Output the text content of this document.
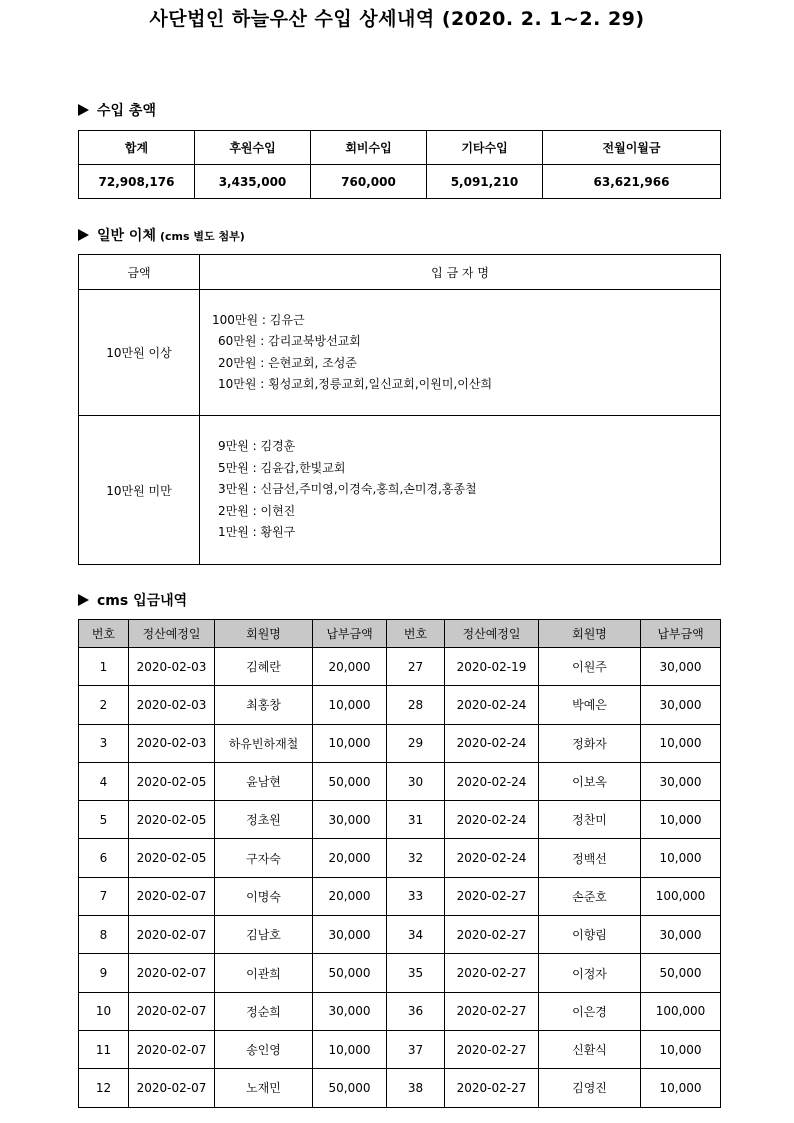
사단법인 하늘우산 수입 상세내역 (2020. 2. 1~2. 29)
수입 총액
합계	후원수입	회비수입	기타수입	전월이월금
72,908,176	3,435,000	760,000	5,091,210	63,621,966
일반 이체 (cms 별도 첨부)
금액	입 금 자 명
10만원 이상	100만원 : 김유근
60만원 : 감리교북방선교회
20만원 : 은현교회, 조성준
10만원 : 횡성교회,정릉교회,일신교회,이원미,이산희

10만원 미만	9만원 : 김경훈
5만원 : 김윤갑,한빛교회
3만원 : 신금선,주미영,이경숙,홍희,손미경,홍종철
2만원 : 이현진
1만원 : 황원구
cms 입금내역
번호	정산예정일	회원명	납부금액	번호	정산예정일	회원명	납부금액
1	2020-02-03	김혜란	20,000	27	2020-02-19	이원주	30,000
2	2020-02-03	최홍창	10,000	28	2020-02-24	박예은	30,000
3	2020-02-03	하유빈하재철	10,000	29	2020-02-24	정화자	10,000
4	2020-02-05	윤남현	50,000	30	2020-02-24	이보옥	30,000
5	2020-02-05	정초원	30,000	31	2020-02-24	정찬미	10,000
6	2020-02-05	구자숙	20,000	32	2020-02-24	정백선	10,000
7	2020-02-07	이명숙	20,000	33	2020-02-27	손준호	100,000
8	2020-02-07	김남호	30,000	34	2020-02-27	이향림	30,000
9	2020-02-07	이관희	50,000	35	2020-02-27	이정자	50,000
10	2020-02-07	정순희	30,000	36	2020-02-27	이은경	100,000
11	2020-02-07	송인영	10,000	37	2020-02-27	신환식	10,000
12	2020-02-07	노재민	50,000	38	2020-02-27	김영진	10,000
